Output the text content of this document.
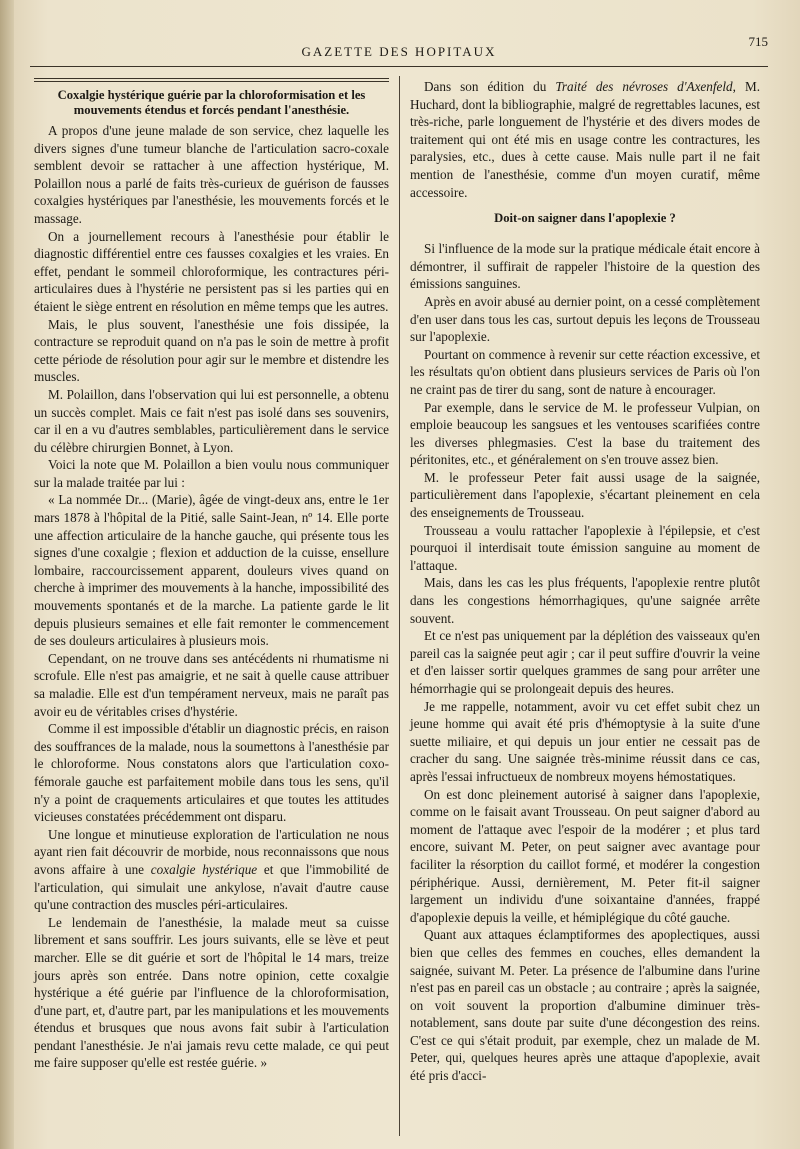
GAZETTE DES HOPITAUX
715
Coxalgie hystérique guérie par la chloroformisation et les mouvements étendus et forcés pendant l'anesthésie.

A propos d'une jeune malade de son service, chez laquelle les divers signes d'une tumeur blanche de l'articulation sacro-coxale semblent devoir se rattacher à une affection hystérique, M. Polaillon nous a parlé de faits très-curieux de guérison de fausses coxalgies hystériques par l'anesthésie, les mouvements forcés et le massage.

On a journellement recours à l'anesthésie pour établir le diagnostic différentiel entre ces fausses coxalgies et les vraies. En effet, pendant le sommeil chloroformique, les contractures péri-articulaires dues à l'hystérie ne persistent pas si les parties qui en étaient le siège entrent en résolution en même temps que les autres.

Mais, le plus souvent, l'anesthésie une fois dissipée, la contracture se reproduit quand on n'a pas le soin de mettre à profit cette période de résolution pour agir sur le membre et distendre les muscles.

M. Polaillon, dans l'observation qui lui est personnelle, a obtenu un succès complet. Mais ce fait n'est pas isolé dans ses souvenirs, car il en a vu d'autres semblables, particulièrement dans le service du célèbre chirurgien Bonnet, à Lyon.

Voici la note que M. Polaillon a bien voulu nous communiquer sur la malade traitée par lui :

« La nommée Dr... (Marie), âgée de vingt-deux ans, entre le 1er mars 1878 à l'hôpital de la Pitié, salle Saint-Jean, nº 14. Elle porte une affection articulaire de la hanche gauche, qui présente tous les signes d'une coxalgie ; flexion et adduction de la cuisse, ensellure lombaire, raccourcissement apparent, douleurs vives quand on cherche à imprimer des mouvements à la hanche, impossibilité des mouvements spontanés et de la marche. La patiente garde le lit depuis plusieurs semaines et elle fait remonter le commencement de ses douleurs articulaires à plusieurs mois.

Cependant, on ne trouve dans ses antécédents ni rhumatisme ni scrofule. Elle n'est pas amaigrie, et ne sait à quelle cause attribuer sa maladie. Elle est d'un tempérament nerveux, mais ne paraît pas avoir eu de véritables crises d'hystérie.

Comme il est impossible d'établir un diagnostic précis, en raison des souffrances de la malade, nous la soumettons à l'anesthésie par le chloroforme. Nous constatons alors que l'articulation coxo-fémorale gauche est parfaitement mobile dans tous les sens, qu'il n'y a point de craquements articulaires et que toutes les attitudes vicieuses constatées précédemment ont disparu.

Une longue et minutieuse exploration de l'articulation ne nous ayant rien fait découvrir de morbide, nous reconnaissons que nous avons affaire à une coxalgie hystérique et que l'immobilité de l'articulation, qui simulait une ankylose, n'avait d'autre cause qu'une contraction des muscles péri-articulaires.

Le lendemain de l'anesthésie, la malade meut sa cuisse librement et sans souffrir. Les jours suivants, elle se lève et peut marcher. Elle se dit guérie et sort de l'hôpital le 14 mars, treize jours après son entrée. Dans notre opinion, cette coxalgie hystérique a été guérie par l'influence de la chloroformisation, d'une part, et, d'autre part, par les manipulations et les mouvements étendus et brusques que nous avons fait subir à l'articulation pendant l'anesthésie. Je n'ai jamais revu cette malade, ce qui peut me faire supposer qu'elle est restée guérie. »

Dans son édition du Traité des névroses d'Axenfeld, M. Huchard, dont la bibliographie, malgré de regrettables lacunes, est très-riche, parle longuement de l'hystérie et des divers modes de traitement qui ont été mis en usage contre les contractures, les paralysies, etc., dues à cette cause. Mais nulle part il ne fait mention de l'anesthésie, comme d'un moyen curatif, même accessoire.

Doit-on saigner dans l'apoplexie ?

Si l'influence de la mode sur la pratique médicale était encore à démontrer, il suffirait de rappeler l'histoire de la question des émissions sanguines.

Après en avoir abusé au dernier point, on a cessé complètement d'en user dans tous les cas, surtout depuis les leçons de Trousseau sur l'apoplexie.

Pourtant on commence à revenir sur cette réaction excessive, et les résultats qu'on obtient dans plusieurs services de Paris où l'on ne craint pas de tirer du sang, sont de nature à encourager.

Par exemple, dans le service de M. le professeur Vulpian, on emploie beaucoup les sangsues et les ventouses scarifiées contre les diverses phlegmasies. C'est la base du traitement des péritonites, etc., et généralement on s'en trouve assez bien.

M. le professeur Peter fait aussi usage de la saignée, particulièrement dans l'apoplexie, s'écartant pleinement en cela des enseignements de Trousseau.

Trousseau a voulu rattacher l'apoplexie à l'épilepsie, et c'est pourquoi il interdisait toute émission sanguine au moment de l'attaque.

Mais, dans les cas les plus fréquents, l'apoplexie rentre plutôt dans les congestions hémorrhagiques, qu'une saignée arrête souvent.

Et ce n'est pas uniquement par la déplétion des vaisseaux qu'en pareil cas la saignée peut agir ; car il peut suffire d'ouvrir la veine et d'en laisser sortir quelques grammes de sang pour arrêter une hémorrhagie qui se prolongeait depuis des heures.

Je me rappelle, notamment, avoir vu cet effet subit chez un jeune homme qui avait été pris d'hémoptysie à la suite d'une suette miliaire, et qui depuis un jour entier ne cessait pas de cracher du sang. Une saignée très-minime réussit dans ce cas, après l'essai infructueux de nombreux moyens hémostatiques.

On est donc pleinement autorisé à saigner dans l'apoplexie, comme on le faisait avant Trousseau. On peut saigner d'abord au moment de l'attaque avec l'espoir de la modérer ; et plus tard encore, suivant M. Peter, on peut saigner avec avantage pour faciliter la résorption du caillot formé, et modérer la congestion périphérique. Aussi, dernièrement, M. Peter fit-il saigner largement un individu d'une soixantaine d'années, frappé d'apoplexie depuis la veille, et hémiplégique du côté gauche.

Quant aux attaques éclamptiformes des apoplectiques, aussi bien que celles des femmes en couches, elles demandent la saignée, suivant M. Peter. La présence de l'albumine dans l'urine n'est pas en pareil cas un obstacle ; au contraire ; après la saignée, on voit souvent la proportion d'albumine diminuer très-notablement, sans doute par suite d'une décongestion des reins. C'est ce qui s'était produit, par exemple, chez un malade de M. Peter, qui, quelques heures après une attaque d'apoplexie, avait été pris d'acci-
